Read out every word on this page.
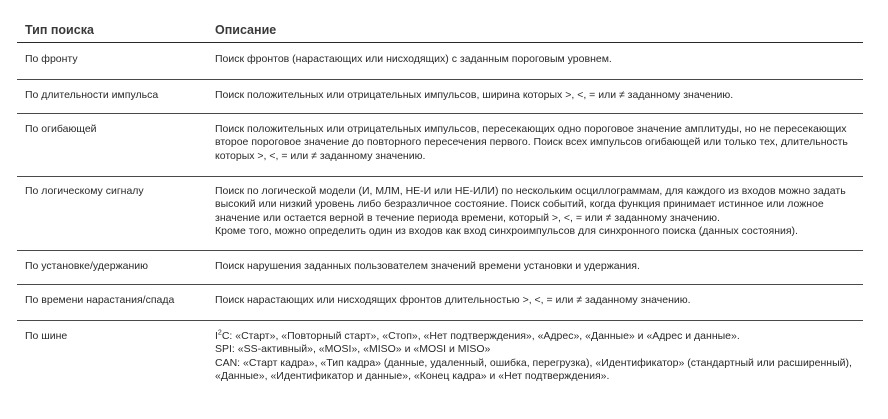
Тип поиска	Описание
По фронту	Поиск фронтов (нарастающих или нисходящих) с заданным пороговым уровнем.

По длительности импульса	Поиск положительных или отрицательных импульсов, ширина которых >, <, = или ≠ заданному значению.

По огибающей	Поиск положительных или отрицательных импульсов, пересекающих одно пороговое значение амплитуды, но не пересекающих

второе пороговое значение до повторного пересечения первого. Поиск всех импульсов огибающей или только тех, длительность

которых >, <, = или ≠ заданному значению.

По логическому сигналу	Поиск по логической модели (И, МЛМ, НЕ-И или НЕ-ИЛИ) по нескольким осциллограммам, для каждого из входов можно задать

высокий или низкий уровень либо безразличное состояние. Поиск событий, когда функция принимает истинное или ложное

значение или остается верной в течение периода времени, который >, <, = или ≠ заданному значению.

Кроме того, можно определить один из входов как вход синхроимпульсов для синхронного поиска (данных состояния).

По установке/удержанию	Поиск нарушения заданных пользователем значений времени установки и удержания.

По времени нарастания/спада	Поиск нарастающих или нисходящих фронтов длительностью >, <, = или ≠ заданному значению.

По шине	$I^2C$: «Старт», «Повторный старт», «Стоп», «Нет подтверждения», «Адрес», «Данные» и «Адрес и данные».

SPI: «SS-активный», «MOSI», «MISO» и «MOSI и MISO»

CAN: «Старт кадра», «Тип кадра» (данные, удаленный, ошибка, перегрузка), «Идентификатор» (стандартный или расширенный),

«Данные», «Идентификатор и данные», «Конец кадра» и «Нет подтверждения».
